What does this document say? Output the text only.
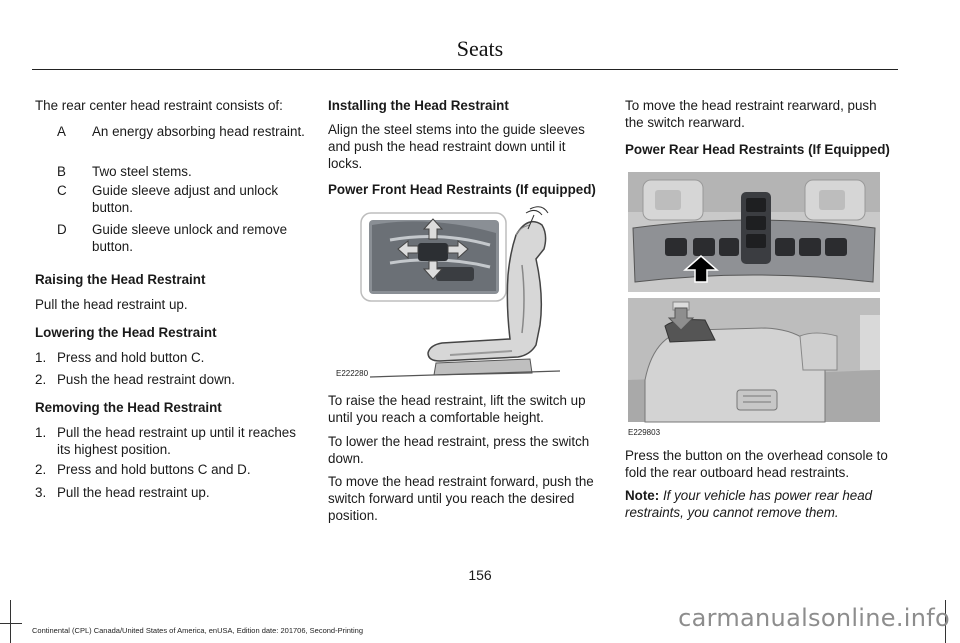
Seats
The rear center head restraint consists of:
A An energy absorbing head restraint.
B Two steel stems.
C Guide sleeve adjust and unlock button.
D Guide sleeve unlock and remove button.
Raising the Head Restraint
Pull the head restraint up.
Lowering the Head Restraint
1. Press and hold button C.
2. Push the head restraint down.
Removing the Head Restraint
1. Pull the head restraint up until it reaches its highest position.
2. Press and hold buttons C and D.
3. Pull the head restraint up.
Installing the Head Restraint
Align the steel stems into the guide sleeves and push the head restraint down until it locks.
Power Front Head Restraints (If equipped)
E222280
To raise the head restraint, lift the switch up until you reach a comfortable height.
To lower the head restraint, press the switch down.
To move the head restraint forward, push the switch forward until you reach the desired position.
To move the head restraint rearward, push the switch rearward.
Power Rear Head Restraints (If Equipped)
E229803
Press the button on the overhead console to fold the rear outboard head restraints.
Note: If your vehicle has power rear head restraints, you cannot remove them.
156
Continental (CPL) Canada/United States of America, enUSA, Edition date: 201706, Second-Printing	carmanualsonline.info
